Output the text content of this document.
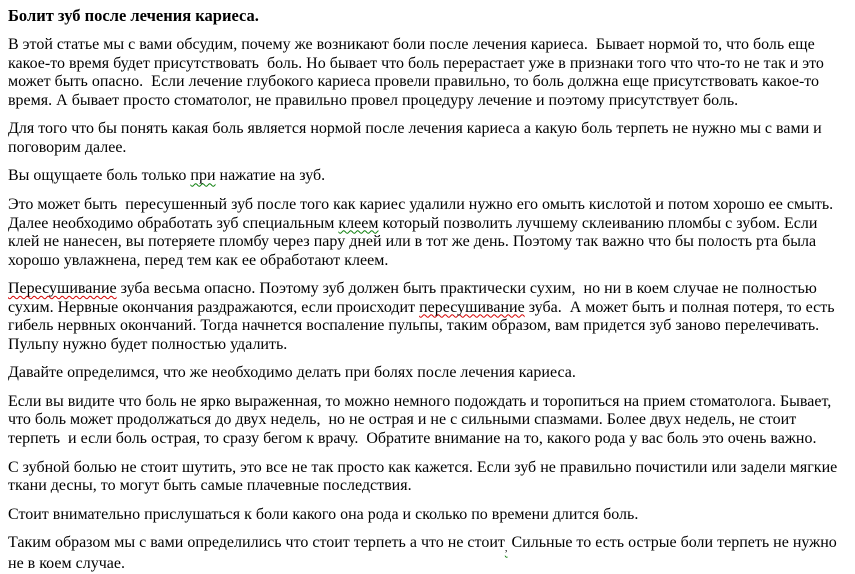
Болит зуб после лечения кариеса.

В этой статье мы с вами обсудим, почему же возникают боли после лечения кариеса.  Бывает нормой то, что боль еще какое-то время будет присутствовать  боль. Но бывает что боль перерастает уже в признаки того что что-то не так и это может быть опасно.  Если лечение глубокого кариеса провели правильно, то боль должна еще присутствовать какое-то время. А бывает просто стоматолог, не правильно провел процедуру лечение и поэтому присутствует боль.

Для того что бы понять какая боль является нормой после лечения кариеса а какую боль терпеть не нужно мы с вами и поговорим далее.

Вы ощущаете боль только при нажатие на зуб.

Это может быть  пересушенный зуб после того как кариес удалили нужно его омыть кислотой и потом хорошо ее смыть.  Далее необходимо обработать зуб специальным клеем который позволить лучшему склеиванию пломбы с зубом. Если клей не нанесен, вы потеряете пломбу через пару дней или в тот же день. Поэтому так важно что бы полость рта была хорошо увлажнена, перед тем как ее обработают клеем.

Пересушивание зуба весьма опасно. Поэтому зуб должен быть практически сухим,  но ни в коем случае не полностью сухим. Нервные окончания раздражаются, если происходит пересушивание зуба.  А может быть и полная потеря, то есть гибель нервных окончаний. Тогда начнется воспаление пульпы, таким образом, вам придется зуб заново перелечивать. Пульпу нужно будет полностью удалить.

Давайте определимся, что же необходимо делать при болях после лечения кариеса.

Если вы видите что боль не ярко выраженная, то можно немного подождать и торопиться на прием стоматолога. Бывает, что боль может продолжаться до двух недель,  но не острая и не с сильными спазмами. Более двух недель, не стоит терпеть  и если боль острая, то сразу бегом к врачу.  Обратите внимание на то, какого рода у вас боль это очень важно.

С зубной болью не стоит шутить, это все не так просто как кажется. Если зуб не правильно почистили или задели мягкие ткани десны, то могут быть самые плачевные последствия.

Стоит внимательно прислушаться к боли какого она рода и сколько по времени длится боль.

Таким образом мы с вами определились что стоит терпеть а что не стоит$_,$ Сильные то есть острые боли терпеть не нужно не в коем случае.
